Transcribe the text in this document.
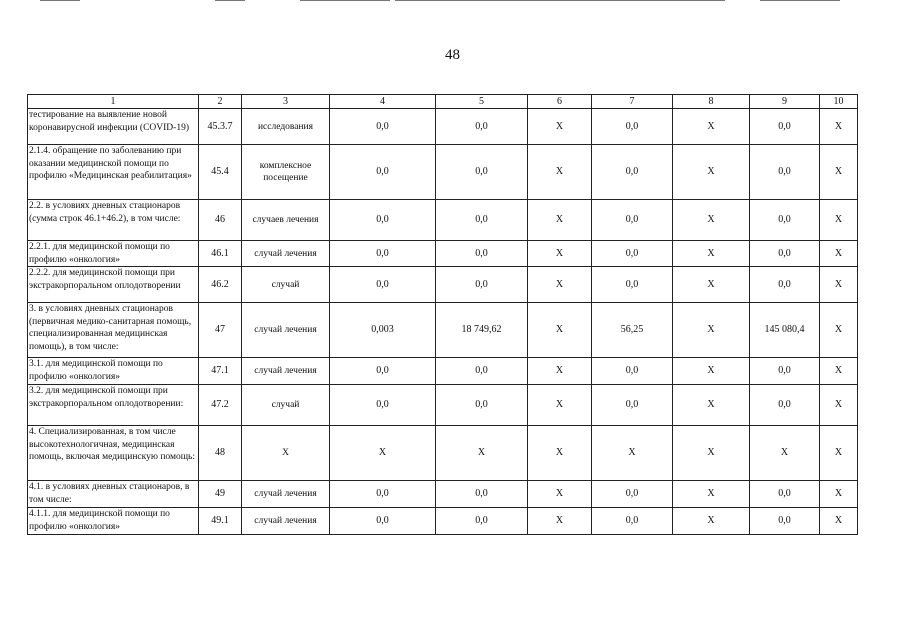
48
1	2	3	4	5	6	7	8	9	10
тестирование на выявление новой коронавирусной инфекции (COVID-19)	45.3.7	исследования	0,0	0,0	X	0,0	X	0,0	X
2.1.4. обращение по заболеванию при оказании медицинской помощи по профилю «Медицинская реабилитация»	45.4	комплексное посещение	0,0	0,0	X	0,0	X	0,0	X
2.2. в условиях дневных стационаров (сумма строк 46.1+46.2), в том числе:	46	случаев лечения	0,0	0,0	X	0,0	X	0,0	X
2.2.1. для медицинской помощи по профилю «онкология»	46.1	случай лечения	0,0	0,0	X	0,0	X	0,0	X
2.2.2. для медицинской помощи при экстракорпоральном оплодотворении	46.2	случай	0,0	0,0	X	0,0	X	0,0	X
3. в условиях дневных стационаров (первичная медико-санитарная помощь, специализированная медицинская помощь), в том числе:	47	случай лечения	0,003	18 749,62	X	56,25	X	145 080,4	X
3.1. для медицинской помощи по профилю «онкология»	47.1	случай лечения	0,0	0,0	X	0,0	X	0,0	X
3.2. для медицинской помощи при экстракорпоральном оплодотворении:	47.2	случай	0,0	0,0	X	0,0	X	0,0	X
4. Специализированная, в том числе высокотехнологичная, медицинская помощь, включая медицинскую помощь:	48	X	X	X	X	X	X	X	X
4.1. в условиях дневных стационаров, в том числе:	49	случай лечения	0,0	0,0	X	0,0	X	0,0	X
4.1.1. для медицинской помощи по профилю «онкология»	49.1	случай лечения	0,0	0,0	X	0,0	X	0,0	X
